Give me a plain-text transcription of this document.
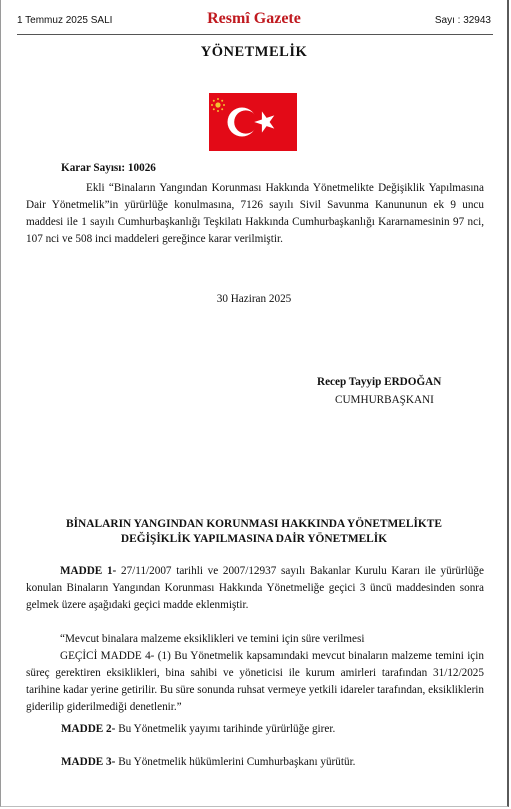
1 Temmuz 2025 SALI	Resmî Gazete	Sayı : 32943
YÖNETMELİK
Karar Sayısı: 10026

Ekli “Binaların Yangından Korunması Hakkında Yönetmelikte Değişiklik Yapılmasına Dair Yönetmelik”in yürürlüğe konulmasına, 7126 sayılı Sivil Savunma Kanununun ek 9 uncu maddesi ile 1 sayılı Cumhurbaşkanlığı Teşkilatı Hakkında Cumhurbaşkanlığı Kararnamesinin 97 nci, 107 nci ve 508 inci maddeleri gereğince karar verilmiştir.

30 Haziran 2025
Recep Tayyip ERDOĞAN
CUMHURBAŞKANI
BİNALARIN YANGINDAN KORUNMASI HAKKINDA YÖNETMELİKTE
DEĞİŞİKLİK YAPILMASINA DAİR YÖNETMELİK

MADDE 1- 27/11/2007 tarihli ve 2007/12937 sayılı Bakanlar Kurulu Kararı ile yürürlüğe konulan Binaların Yangından Korunması Hakkında Yönetmeliğe geçici 3 üncü maddesinden sonra gelmek üzere aşağıdaki geçici madde eklenmiştir.

“Mevcut binalara malzeme eksiklikleri ve temini için süre verilmesi
GEÇİCİ MADDE 4- (1) Bu Yönetmelik kapsamındaki mevcut binaların malzeme temini için süreç gerektiren eksiklikleri, bina sahibi ve yöneticisi ile kurum amirleri tarafından 31/12/2025 tarihine kadar yerine getirilir. Bu süre sonunda ruhsat vermeye yetkili idareler tarafından, eksikliklerin giderilip giderilmediği denetlenir.”

MADDE 2- Bu Yönetmelik yayımı tarihinde yürürlüğe girer.

MADDE 3- Bu Yönetmelik hükümlerini Cumhurbaşkanı yürütür.
